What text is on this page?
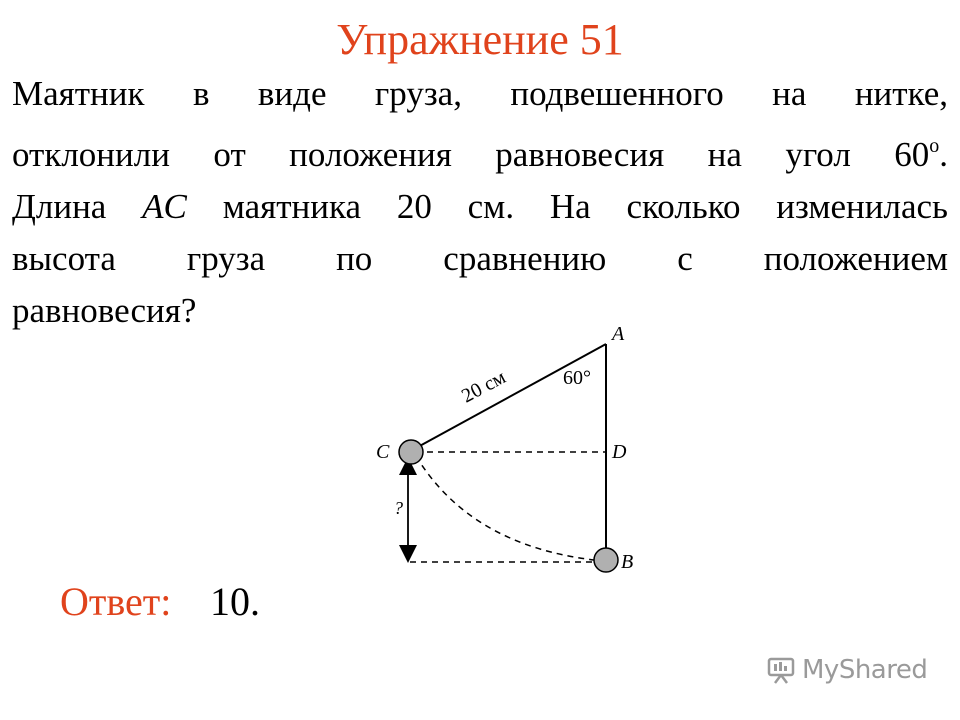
Упражнение 51
Маятник в виде груза, подвешенного на нитке,
отклонили от положения равновесия на угол 60$^o$.
Длина AC маятника 20 см. На сколько изменилась
высота груза по сравнению с положением
равновесия?
A
D
C
B
20 см	60°
?
Ответ: 10.
MyShared
